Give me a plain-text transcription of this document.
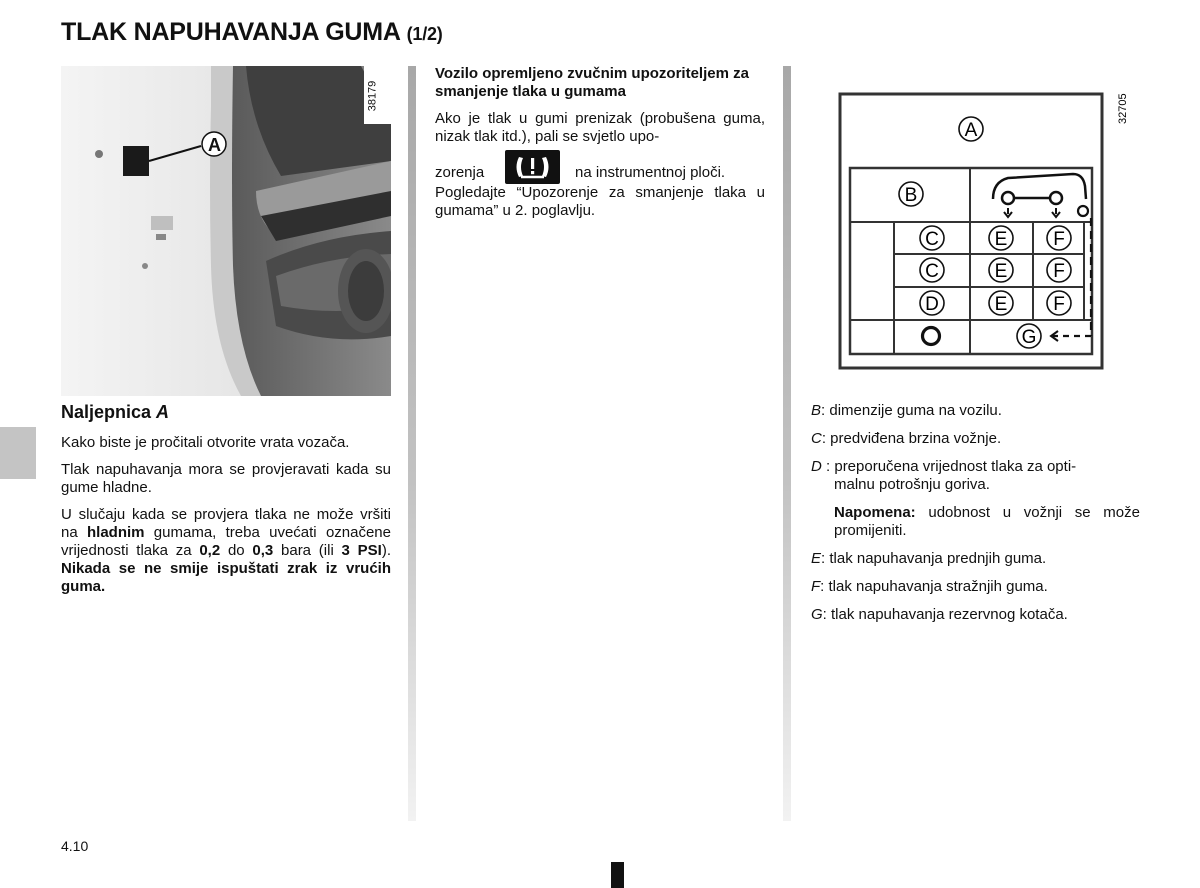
TLAK NAPUHAVANJA GUMA (1/2)
A
38179
Naljepnica A

Kako biste je pročitali otvorite vrata vozača.

Tlak napuhavanja mora se provjeravati kada su gume hladne.

U slučaju kada se provjera tlaka ne može vršiti na hladnim gumama, treba uvećati označene vrijednosti tlaka za 0,2 do 0,3 bara (ili 3 PSI). Nikada se ne smije ispuštati zrak iz vrućih guma.

Vozilo opremljeno zvučnim upozoriteljem za smanjenje tlaka u gumama

Ako je tlak u gumi prenizak (probušena guma, nizak tlak itd.), pali se svjetlo upo-

zorenja	na instrumentnoj ploči.

Pogledajte “Upozorenje za smanjenje tlaka u gumama” u 2. poglavlju.

32705
A
B
C	E F
C	E F
D	E F
G

B: dimenzije guma na vozilu.

C: predviđena brzina vožnje.

D : preporučena vrijednost tlaka za opti-
malnu potrošnju goriva.

Napomena: udobnost u vožnji se može promijeniti.

E: tlak napuhavanja prednjih guma.

F: tlak napuhavanja stražnjih guma.

G: tlak napuhavanja rezervnog kotača.

4.10
